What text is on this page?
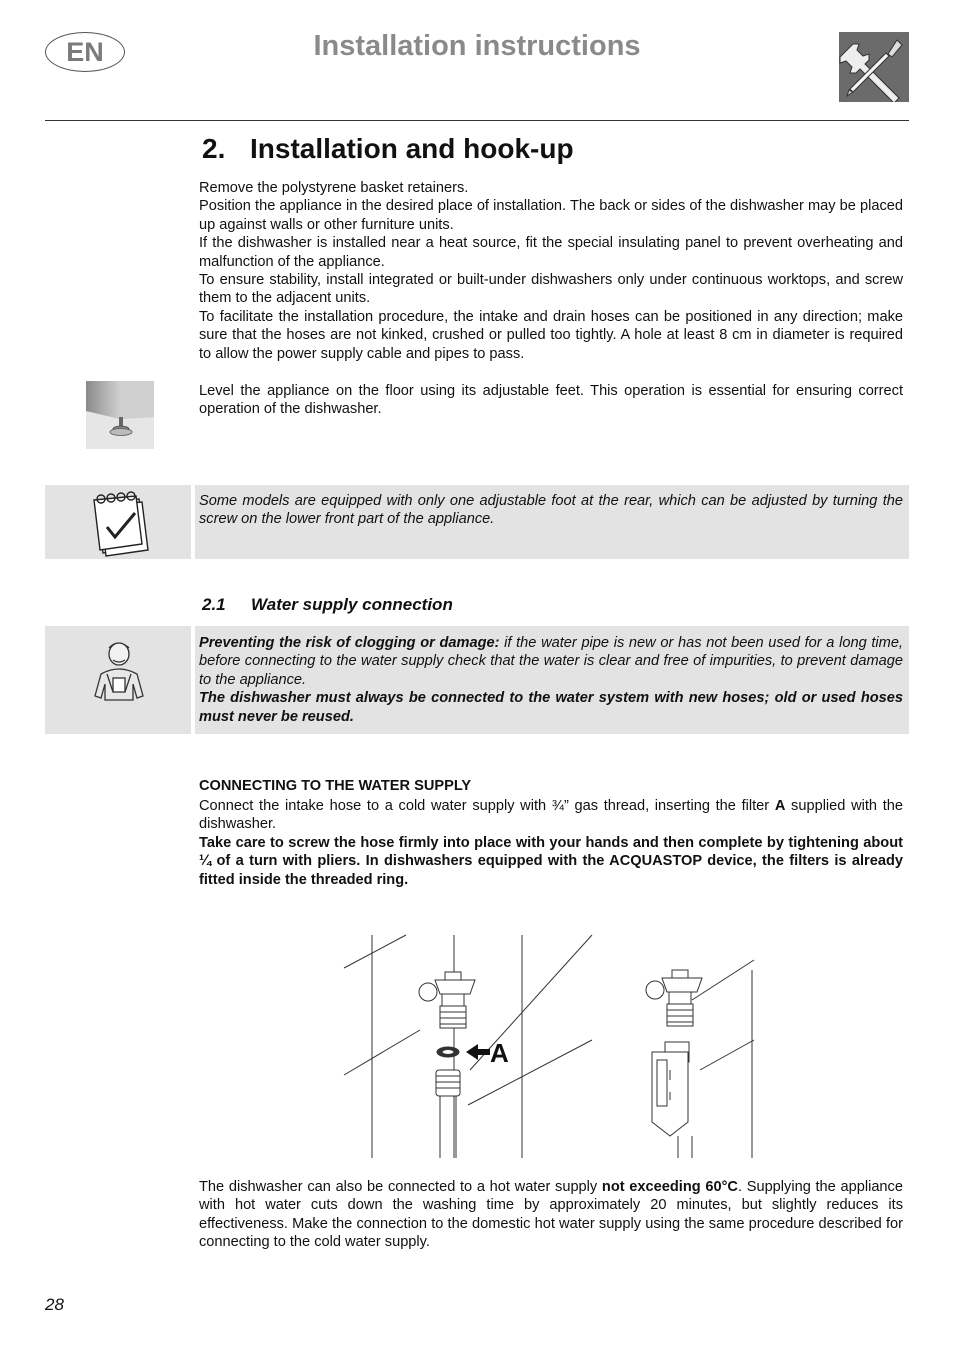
EN	Installation instructions
2. Installation and hook-up

Remove the polystyrene basket retainers.

Position the appliance in the desired place of installation. The back or sides of the dishwasher may be placed up against walls or other furniture units.

If the dishwasher is installed near a heat source, fit the special insulating panel to prevent overheating and malfunction of the appliance.

To ensure stability, install integrated or built-under dishwashers only under continuous worktops, and screw them to the adjacent units.

To facilitate the installation procedure, the intake and drain hoses can be positioned in any direction; make sure that the hoses are not kinked, crushed or pulled too tightly. A hole at least 8 cm in diameter is required to allow the power supply cable and pipes to pass.

Level the appliance on the floor using its adjustable feet. This operation is essential for ensuring correct operation of the dishwasher.

Some models are equipped with only one adjustable foot at the rear, which can be adjusted by turning the screw on the lower front part of the appliance.

2.1 Water supply connection

Preventing the risk of clogging or damage: if the water pipe is new or has not been used for a long time, before connecting to the water supply check that the water is clear and free of impurities, to prevent damage to the appliance.

The dishwasher must always be connected to the water system with new hoses; old or used hoses must never be reused.

CONNECTING TO THE WATER SUPPLY

Connect the intake hose to a cold water supply with ¾” gas thread, inserting the filter A supplied with the dishwasher.

Take care to screw the hose firmly into place with your hands and then complete by tightening about ¼ of a turn with pliers. In dishwashers equipped with the ACQUASTOP device, the filters is already fitted inside the threaded ring.

A

The dishwasher can also be connected to a hot water supply not exceeding 60°C. Supplying the appliance with hot water cuts down the washing time by approximately 20 minutes, but slightly reduces its effectiveness. Make the connection to the domestic hot water supply using the same procedure described for connecting to the cold water supply.

28
